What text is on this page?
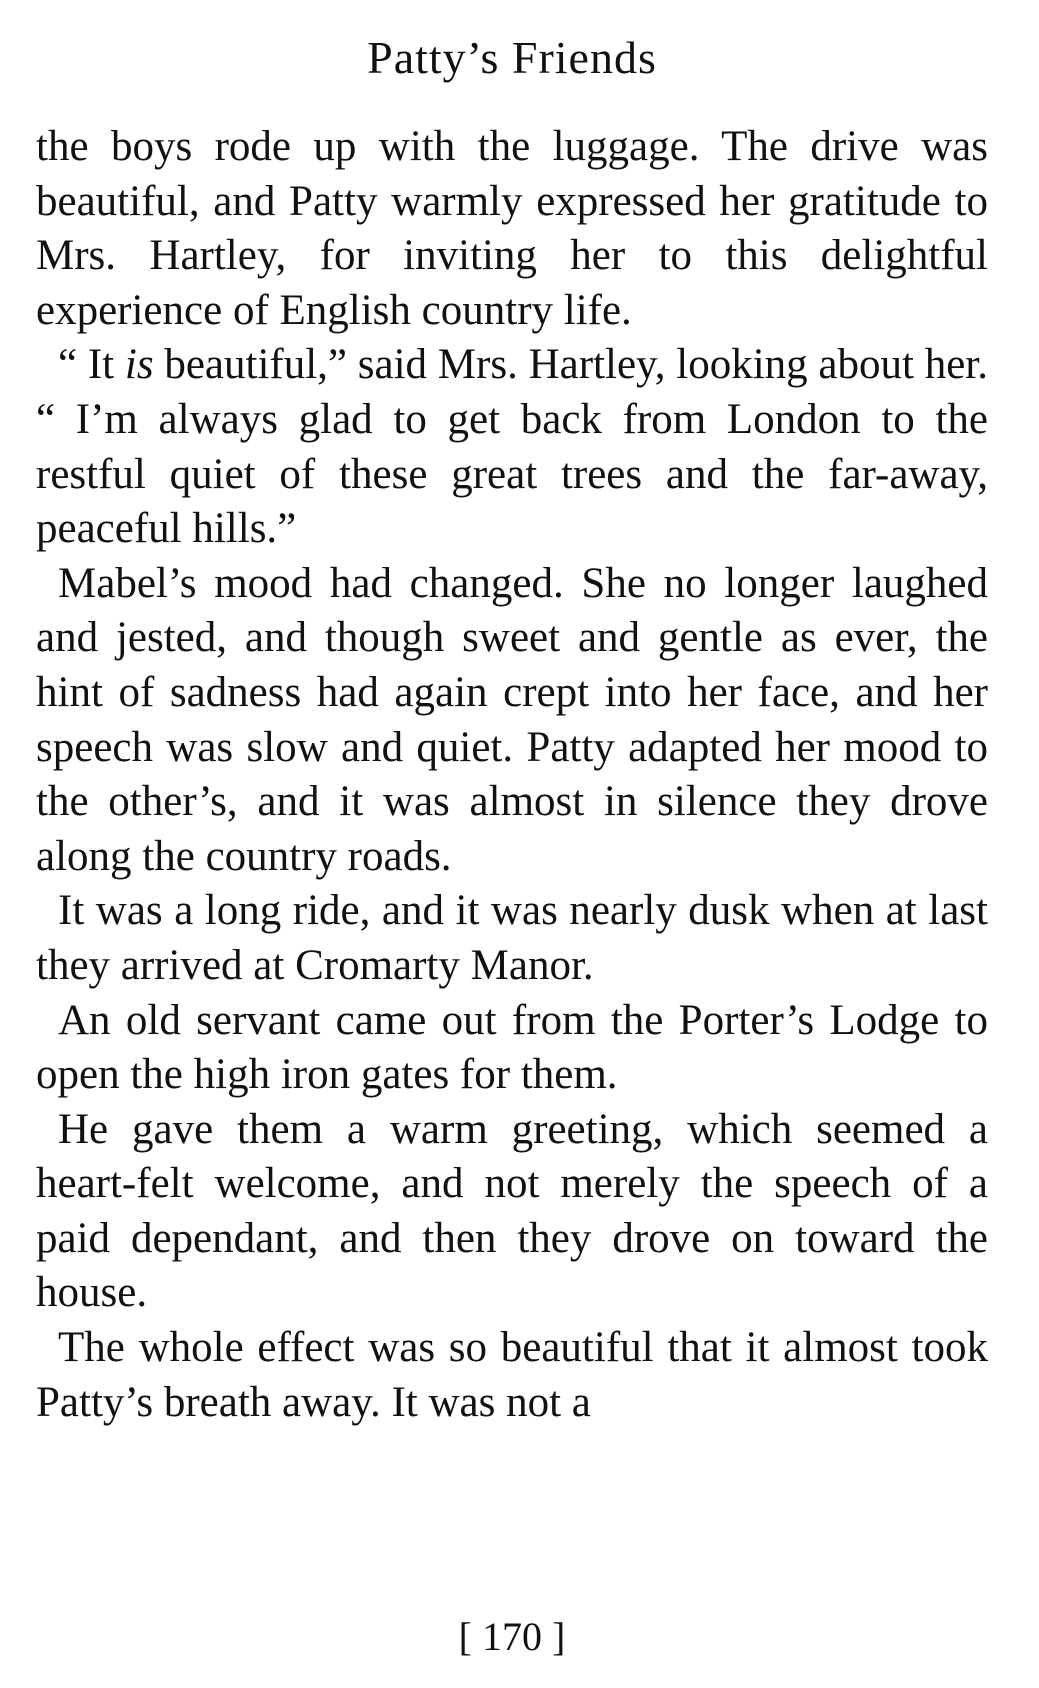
Patty’s Friends

the boys rode up with the luggage. The drive was beautiful, and Patty warmly expressed her gratitude to Mrs. Hartley, for inviting her to this delightful experience of English country life.

“ It is beautiful,” said Mrs. Hartley, looking about her. “ I’m always glad to get back from London to the restful quiet of these great trees and the far-away, peaceful hills.”

Mabel’s mood had changed. She no longer laughed and jested, and though sweet and gentle as ever, the hint of sadness had again crept into her face, and her speech was slow and quiet. Patty adapted her mood to the other’s, and it was almost in silence they drove along the country roads.

It was a long ride, and it was nearly dusk when at last they arrived at Cromarty Manor.

An old servant came out from the Porter’s Lodge to open the high iron gates for them.

He gave them a warm greeting, which seemed a heart-felt welcome, and not merely the speech of a paid dependant, and then they drove on toward the house.

The whole effect was so beautiful that it almost took Patty’s breath away. It was not a

[ 170 ]
